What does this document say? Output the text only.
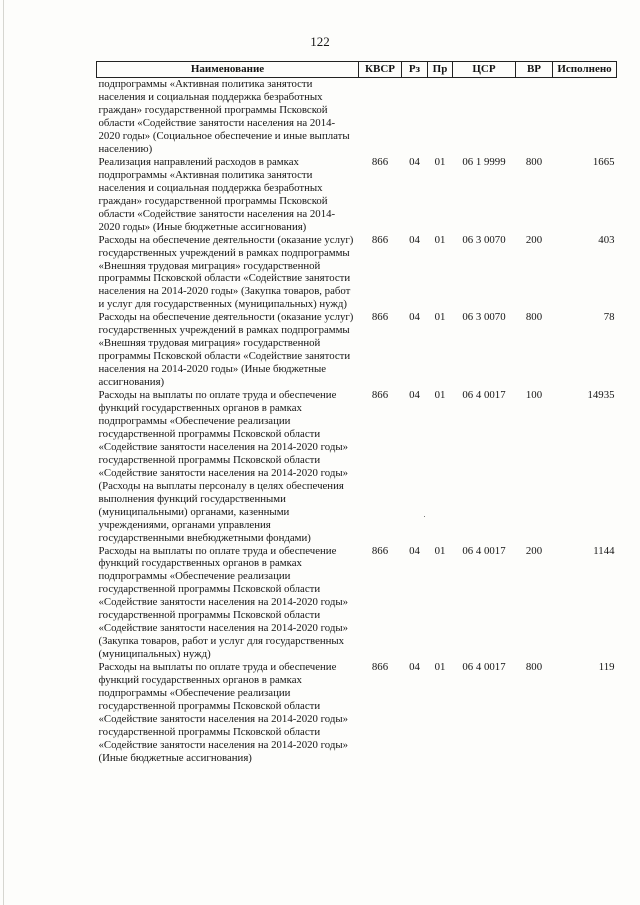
122
Наименование	КВСР	Рз	Пр	ЦСР	ВР	Исполнено
подпрограммы «Активная политика занятости населения и социальная поддержка безработных граждан» государственной программы Псковской области «Содействие занятости населения на 2014-2020 годы» (Социальное обеспечение и иные выплаты населению)						
Реализация направлений расходов в рамках подпрограммы «Активная политика занятости населения и социальная поддержка безработных граждан» государственной программы Псковской области «Содействие занятости населения на 2014-2020 годы» (Иные бюджетные ассигнования)	866	04	01	06 1 9999	800	1665
Расходы на обеспечение деятельности (оказание услуг) государственных учреждений в рамках подпрограммы «Внешняя трудовая миграция» государственной программы Псковской области «Содействие занятости населения на 2014-2020 годы» (Закупка товаров, работ и услуг для государственных (муниципальных) нужд)	866	04	01	06 3 0070	200	403
Расходы на обеспечение деятельности (оказание услуг) государственных учреждений в рамках подпрограммы «Внешняя трудовая миграция» государственной программы Псковской области «Содействие занятости населения на 2014-2020 годы» (Иные бюджетные ассигнования)	866	04	01	06 3 0070	800	78
Расходы на выплаты по оплате труда и обеспечение функций государственных органов в рамках подпрограммы «Обеспечение реализации государственной программы Псковской области «Содействие занятости населения на 2014-2020 годы» государственной программы Псковской области «Содействие занятости населения на 2014-2020 годы» (Расходы на выплаты персоналу в целях обеспечения выполнения функций государственными (муниципальными) органами, казенными учреждениями, органами управления государственными внебюджетными фондами)	866	04	01	06 4 0017	100	14935
Расходы на выплаты по оплате труда и обеспечение функций государственных органов в рамках подпрограммы «Обеспечение реализации государственной программы Псковской области «Содействие занятости населения на 2014-2020 годы» государственной программы Псковской области «Содействие занятости населения на 2014-2020 годы» (Закупка товаров, работ и услуг для государственных (муниципальных) нужд)	866	04	01	06 4 0017	200	1144
Расходы на выплаты по оплате труда и обеспечение функций государственных органов в рамках подпрограммы «Обеспечение реализации государственной программы Псковской области «Содействие занятости населения на 2014-2020 годы» государственной программы Псковской области «Содействие занятости населения на 2014-2020 годы» (Иные бюджетные ассигнования)	866	04	01	06 4 0017	800	119
